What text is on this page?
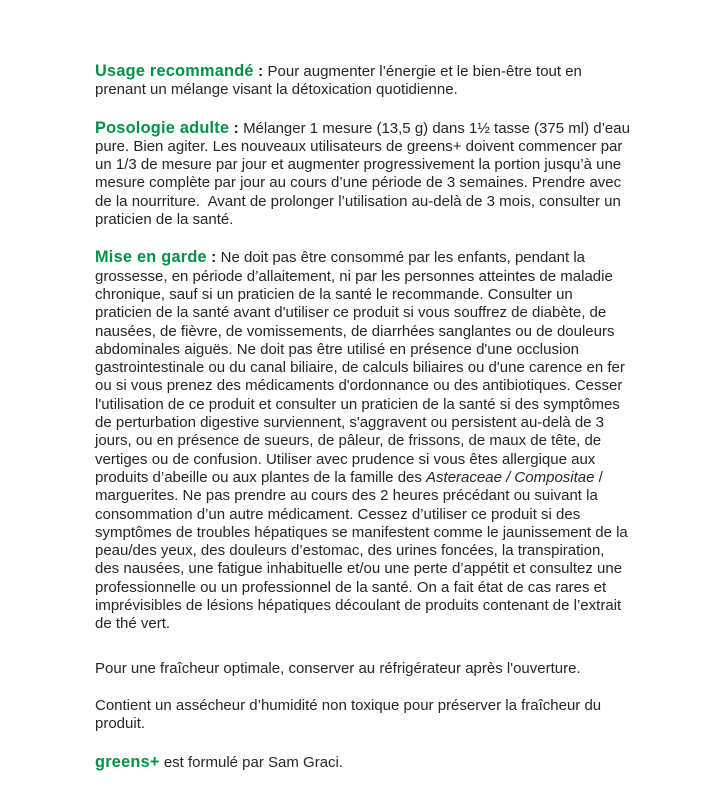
Usage recommandé : Pour augmenter l’énergie et le bien-être tout en prenant un mélange visant la détoxication quotidienne.

Posologie adulte : Mélanger 1 mesure (13,5 g) dans 1½ tasse (375 ml) d’eau pure. Bien agiter. Les nouveaux utilisateurs de greens+ doivent commencer par un 1/3 de mesure par jour et augmenter progressivement la portion jusqu’à une mesure complète par jour au cours d’une période de 3 semaines. Prendre avec de la nourriture.  Avant de prolonger l’utilisation au-delà de 3 mois, consulter un praticien de la santé.

Mise en garde : Ne doit pas être consommé par les enfants, pendant la grossesse, en période d’allaitement, ni par les personnes atteintes de maladie chronique, sauf si un praticien de la santé le recommande. Consulter un praticien de la santé avant d'utiliser ce produit si vous souffrez de diabète, de nausées, de fièvre, de vomissements, de diarrhées sanglantes ou de douleurs abdominales aiguës. Ne doit pas être utilisé en présence d'une occlusion gastrointestinale ou du canal biliaire, de calculs biliaires ou d'une carence en fer ou si vous prenez des médicaments d'ordonnance ou des antibiotiques. Cesser l'utilisation de ce produit et consulter un praticien de la santé si des symptômes de perturbation digestive surviennent, s'aggravent ou persistent au-delà de 3 jours, ou en présence de sueurs, de pâleur, de frissons, de maux de tête, de vertiges ou de confusion. Utiliser avec prudence si vous êtes allergique aux produits d’abeille ou aux plantes de la famille des Asteraceae / Compositae / marguerites. Ne pas prendre au cours des 2 heures précédant ou suivant la consommation d’un autre médicament. Cessez d’utiliser ce produit si des symptômes de troubles hépatiques se manifestent comme le jaunissement de la peau/des yeux, des douleurs d’estomac, des urines foncées, la transpiration, des nausées, une fatigue inhabituelle et/ou une perte d’appétit et consultez une professionnelle ou un professionnel de la santé. On a fait état de cas rares et imprévisibles de lésions hépatiques découlant de produits contenant de l’extrait de thé vert.

Pour une fraîcheur optimale, conserver au réfrigérateur après l'ouverture.

Contient un assécheur d’humidité non toxique pour préserver la fraîcheur du produit.

greens+ est formulé par Sam Graci.
